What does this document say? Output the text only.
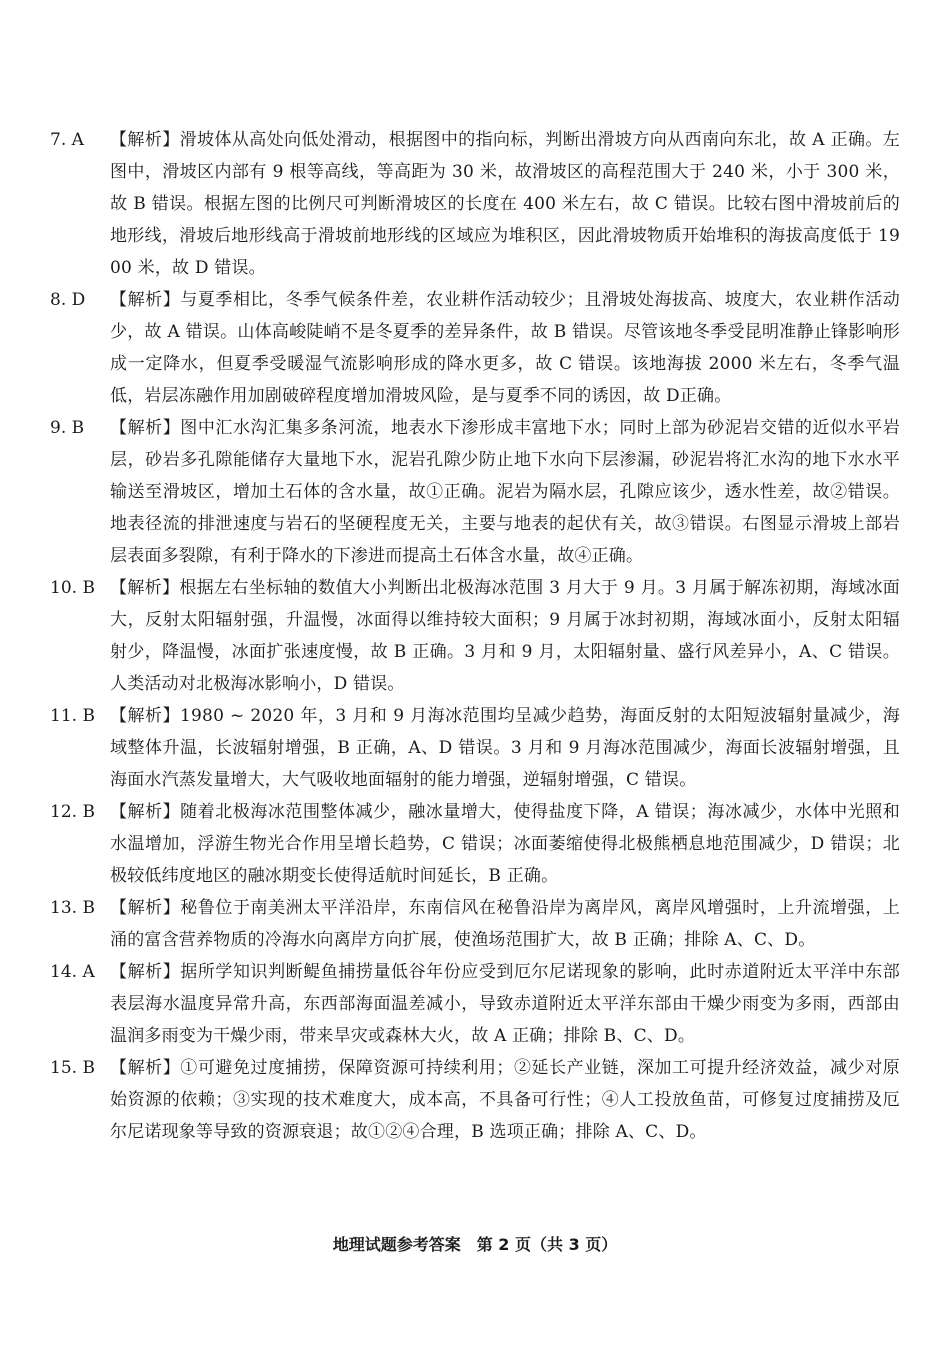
7. A	【解析】滑坡体从高处向低处滑动，根据图中的指向标，判断出滑坡方向从西南向东北，故 A 正确。左图中，滑坡区内部有 9 根等高线，等高距为 30 米，故滑坡区的高程范围大于 240 米，小于 300 米，故 B 错误。根据左图的比例尺可判断滑坡区的长度在 400 米左右，故 C 错误。比较右图中滑坡前后的地形线，滑坡后地形线高于滑坡前地形线的区域应为堆积区，因此滑坡物质开始堆积的海拔高度低于 1900 米，故 D 错误。
8. D	【解析】与夏季相比，冬季气候条件差，农业耕作活动较少；且滑坡处海拔高、坡度大，农业耕作活动少，故 A 错误。山体高峻陡峭不是冬夏季的差异条件，故 B 错误。尽管该地冬季受昆明准静止锋影响形成一定降水，但夏季受暖湿气流影响形成的降水更多，故 C 错误。该地海拔 2000 米左右，冬季气温低，岩层冻融作用加剧破碎程度增加滑坡风险，是与夏季不同的诱因，故 D正确。
9. B	【解析】图中汇水沟汇集多条河流，地表水下渗形成丰富地下水；同时上部为砂泥岩交错的近似水平岩层，砂岩多孔隙能储存大量地下水，泥岩孔隙少防止地下水向下层渗漏，砂泥岩将汇水沟的地下水水平输送至滑坡区，增加土石体的含水量，故①正确。泥岩为隔水层，孔隙应该少，透水性差，故②错误。地表径流的排泄速度与岩石的坚硬程度无关，主要与地表的起伏有关，故③错误。右图显示滑坡上部岩层表面多裂隙，有利于降水的下渗进而提高土石体含水量，故④正确。
10. B 【解析】根据左右坐标轴的数值大小判断出北极海冰范围 3 月大于 9 月。3 月属于解冻初期，海域冰面大，反射太阳辐射强，升温慢，冰面得以维持较大面积；9 月属于冰封初期，海域冰面小，反射太阳辐射少，降温慢，冰面扩张速度慢，故 B 正确。3 月和 9 月，太阳辐射量、盛行风差异小，A、C 错误。人类活动对北极海冰影响小，D 错误。
11. B 【解析】1980 ~ 2020 年，3 月和 9 月海冰范围均呈减少趋势，海面反射的太阳短波辐射量减少，海域整体升温，长波辐射增强，B 正确，A、D 错误。3 月和 9 月海冰范围减少，海面长波辐射增强，且海面水汽蒸发量增大，大气吸收地面辐射的能力增强，逆辐射增强，C 错误。
12. B 【解析】随着北极海冰范围整体减少，融冰量增大，使得盐度下降，A 错误；海冰减少，水体中光照和水温增加，浮游生物光合作用呈增长趋势，C 错误；冰面萎缩使得北极熊栖息地范围减少，D 错误；北极较低纬度地区的融冰期变长使得适航时间延长，B 正确。
13. B 【解析】秘鲁位于南美洲太平洋沿岸，东南信风在秘鲁沿岸为离岸风，离岸风增强时，上升流增强，上涌的富含营养物质的冷海水向离岸方向扩展，使渔场范围扩大，故 B 正确；排除 A、C、D。
14. A 【解析】据所学知识判断鳀鱼捕捞量低谷年份应受到厄尔尼诺现象的影响，此时赤道附近太平洋中东部表层海水温度异常升高，东西部海面温差减小，导致赤道附近太平洋东部由干燥少雨变为多雨，西部由温润多雨变为干燥少雨，带来旱灾或森林大火，故 A 正确；排除 B、C、D。
15. B 【解析】①可避免过度捕捞，保障资源可持续利用；②延长产业链，深加工可提升经济效益，减少对原始资源的依赖；③实现的技术难度大，成本高，不具备可行性；④人工投放鱼苗，可修复过度捕捞及厄尔尼诺现象等导致的资源衰退；故①②④合理，B 选项正确；排除 A、C、D。
地理试题参考答案　第 2 页（共 3 页）
